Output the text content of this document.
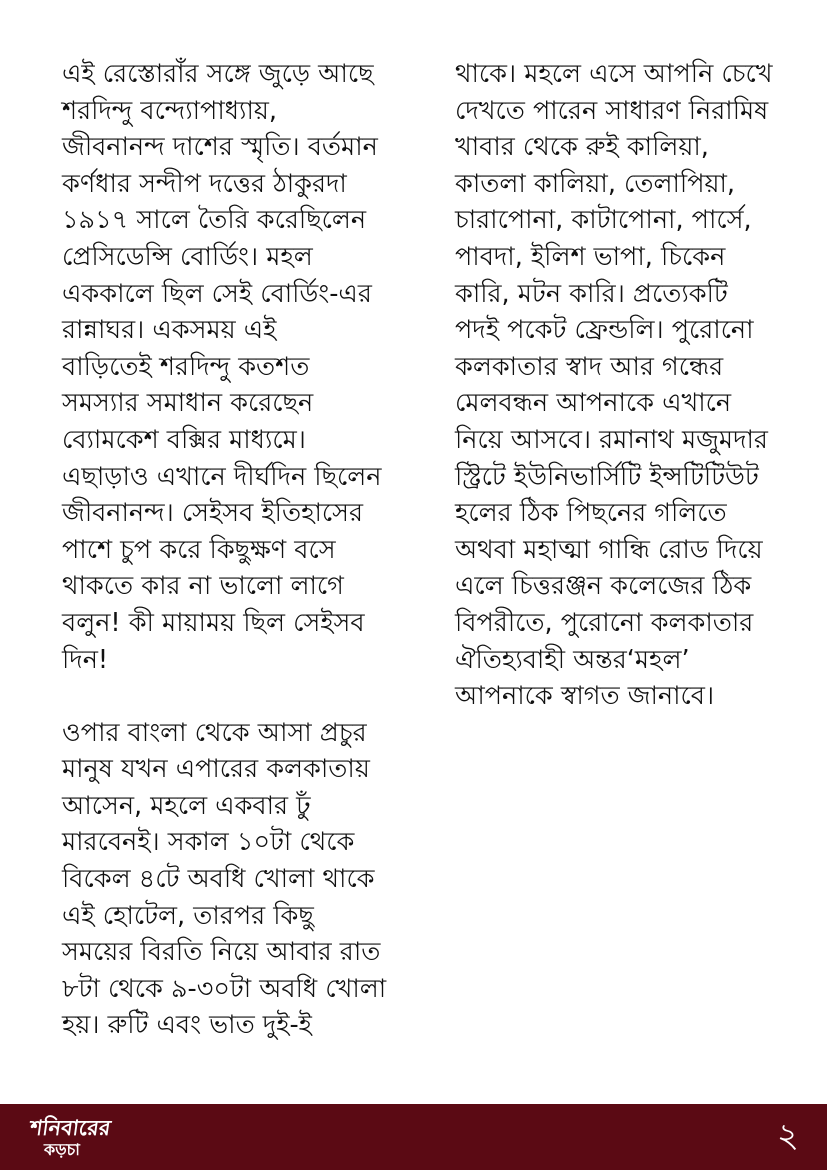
এই রেস্তোরাঁর সঙ্গে জুড়ে আছে
শরদিন্দু বন্দ্যোপাধ্যায়,
জীবনানন্দ দাশের স্মৃতি। বর্তমান
কর্ণধার সন্দীপ দত্তের ঠাকুরদা
১৯১৭ সালে তৈরি করেছিলেন
প্রেসিডেন্সি বোর্ডিং। মহল
এককালে ছিল সেই বোর্ডিং-এর
রান্নাঘর। একসময় এই
বাড়িতেই শরদিন্দু কতশত
সমস্যার সমাধান করেছেন
ব্যোমকেশ বক্সির মাধ্যমে।
এছাড়াও এখানে দীর্ঘদিন ছিলেন
জীবনানন্দ। সেইসব ইতিহাসের
পাশে চুপ করে কিছুক্ষণ বসে
থাকতে কার না ভালো লাগে
বলুন! কী মায়াময় ছিল সেইসব
দিন!
ওপার বাংলা থেকে আসা প্রচুর
মানুষ যখন এপারের কলকাতায়
আসেন, মহলে একবার ঢুঁ
মারবেনই। সকাল ১০টা থেকে
বিকেল ৪টে অবধি খোলা থাকে
এই হোটেল, তারপর কিছু
সময়ের বিরতি নিয়ে আবার রাত
৮টা থেকে ৯-৩০টা অবধি খোলা
হয়। রুটি এবং ভাত দুই-ই
থাকে। মহলে এসে আপনি চেখে
দেখতে পারেন সাধারণ নিরামিষ
খাবার থেকে রুই কালিয়া,
কাতলা কালিয়া, তেলাপিয়া,
চারাপোনা, কাটাপোনা, পার্সে,
পাবদা, ইলিশ ভাপা, চিকেন
কারি, মটন কারি। প্রত্যেকটি
পদই পকেট ফ্রেন্ডলি। পুরোনো
কলকাতার স্বাদ আর গন্ধের
মেলবন্ধন আপনাকে এখানে
নিয়ে আসবে। রমানাথ মজুমদার
স্ট্রিটে ইউনিভার্সিটি ইন্সটিটিউট
হলের ঠিক পিছনের গলিতে
অথবা মহাত্মা গান্ধি রোড দিয়ে
এলে চিত্তরঞ্জন কলেজের ঠিক
বিপরীতে, পুরোনো কলকাতার
ঐতিহ্যবাহী অন্তর‘মহল’
আপনাকে স্বাগত জানাবে।
শনিবারের
কড়চা	২
